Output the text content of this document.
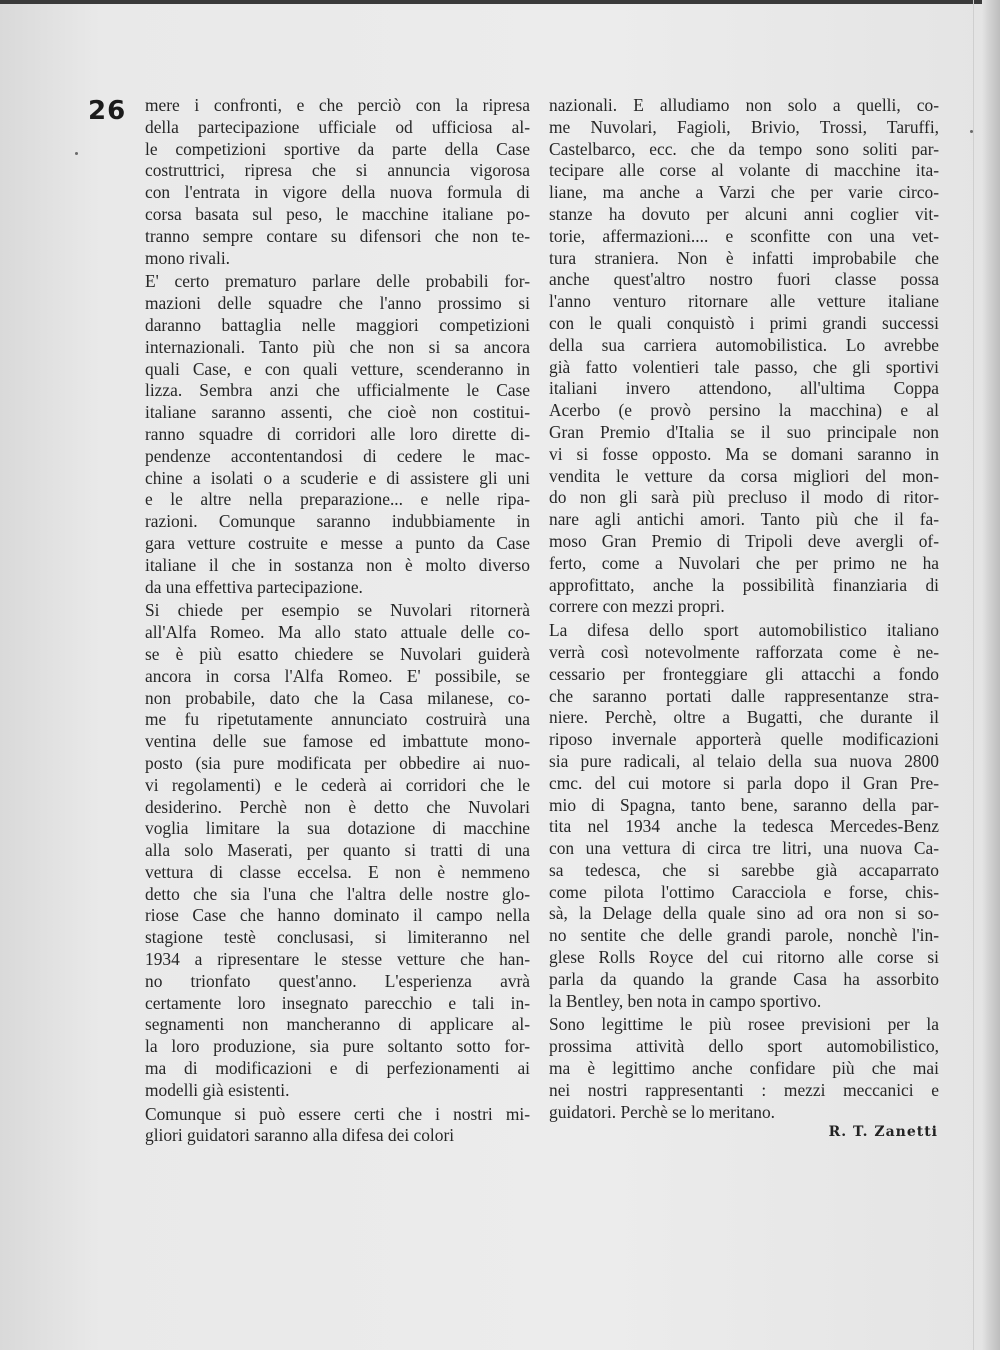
26 mere i confronti, e che perciò con la ripresa
dellа partecipazione ufficiale od ufficiosa al-
le competizioni sportive da parte della Case
costruttrici, ripresa che si annuncia vigorosa
con l'entrata in vigore della nuova formula di
corsa basata sul peso, le macchine italiane po-
tranno sempre contare su difensori che non te-
mono rivali.
E' certo prematuro parlare delle probabili for-
mazioni delle squadre che l'anno prossimo si
daranno battaglia nelle maggiori competizioni
internazionali. Tanto più che non si sa ancora
quali Case, e con quali vetture, scenderanno in
lizza. Sembra anzi che ufficialmente le Case
italiane saranno assenti, che cioè non costitui-
ranno squadre di corridori alle loro dirette di-
pendenze accontentandosi di cedere le mac-
chine a isolati o a scuderie e di assistere gli uni
e le altre nella preparazione... e nelle ripa-
razioni. Comunque saranno indubbiamente in
gara vetture costruite e messe a punto da Case
italiane il che in sostanza non è molto diverso
da una effettiva partecipazione.
Si chiede per esempio se Nuvolari ritornerà
all'Alfa Romeo. Ma allo stato attuale delle co-
se è più esatto chiedere se Nuvolari guiderà
ancora in corsa l'Alfa Romeo. E' possibile, se
non probabile, dato che la Casa milanese, co-
me fu ripetutamente annunciato costruirà una
ventina delle sue famose ed imbattute mono-
posto (sia pure modificata per obbedire ai nuo-
vi regolamenti) e le cederà ai corridori che le
desiderino. Perchè non è detto che Nuvolari
voglia limitare la sua dotazione di macchine
alla solo Maserati, per quanto si tratti di una
vettura di classe eccelsa. E non è nemmeno
detto che sia l'una che l'altra delle nostre glo-
riose Case che hanno dominato il campo nella
stagione testè conclusasi, si limiteranno nel
1934 a ripresentare le stesse vetture che han-
no trionfato quest'anno. L'esperienza avrà
certamente loro insegnato parecchio e tali in-
segnamenti non mancheranno di applicare al-
la loro produzione, sia pure soltanto sotto for-
ma di modificazioni e di perfezionamenti ai
modelli già esistenti.
Comunque si può essere certi che i nostri mi-
gliori guidatori saranno alla difesa dei colori
nazionali. E alludiamo non solo a quelli, co-
me Nuvolari, Fagioli, Brivio, Trossi, Taruffi,
Castelbarco, ecc. che da tempo sono soliti par-
tecipare alle corse al volante di macchine ita-
liane, ma anche a Varzi che per varie circo-
stanze ha dovuto per alcuni anni coglier vit-
torie, affermazioni.... e sconfitte con una vet-
tura straniera. Non è infatti improbabile che
anche quest'altro nostro fuori classe possa
l'anno venturo ritornare alle vetture italiane
con le quali conquistò i primi grandi successi
della sua carriera automobilistica. Lo avrebbe
già fatto volentieri tale passo, che gli sportivi
italiani invero attendono, all'ultima Coppa
Acerbo (e provò persino la macchina) e al
Gran Premio d'Italia se il suo principale non
vi si fosse opposto. Ma se domani saranno in
vendita le vetture da corsa migliori del mon-
do non gli sarà più precluso il modo di ritor-
nare agli antichi amori. Tanto più che il fa-
moso Gran Premio di Tripoli deve avergli of-
ferto, come a Nuvolari che per primo ne ha
approfittato, anche la possibilità finanziaria di
correre con mezzi propri.
La difesa dello sport automobilistico italiano
verrà così notevolmente rafforzata come è ne-
cessario per fronteggiare gli attacchi a fondo
che saranno portati dalle rappresentanze stra-
niere. Perchè, oltre a Bugatti, che durante il
riposo invernale apporterà quelle modificazioni
sia pure radicali, al telaio della sua nuova 2800
cmc. del cui motore si parla dopo il Gran Pre-
mio di Spagna, tanto bene, saranno della par-
tita nel 1934 anche la tedesca Mercedes-Benz
con una vettura di circa tre litri, una nuova Ca-
sa tedesca, che si sarebbe già accaparrato
come pilota l'ottimo Caracciola e forse, chis-
sà, la Delage della quale sino ad ora non si so-
no sentite che delle grandi parole, nonchè l'in-
glese Rolls Royce del cui ritorno alle corse si
parla da quando la grande Casa ha assorbito
la Bentley, ben nota in campo sportivo.
Sono legittime le più rosee previsioni per la
prossima attività dello sport automobilistico,
ma è legittimo anche confidare più che mai
nei nostri rappresentanti : mezzi meccanici e
guidatori. Perchè se lo meritano.
R. T. Zanetti
